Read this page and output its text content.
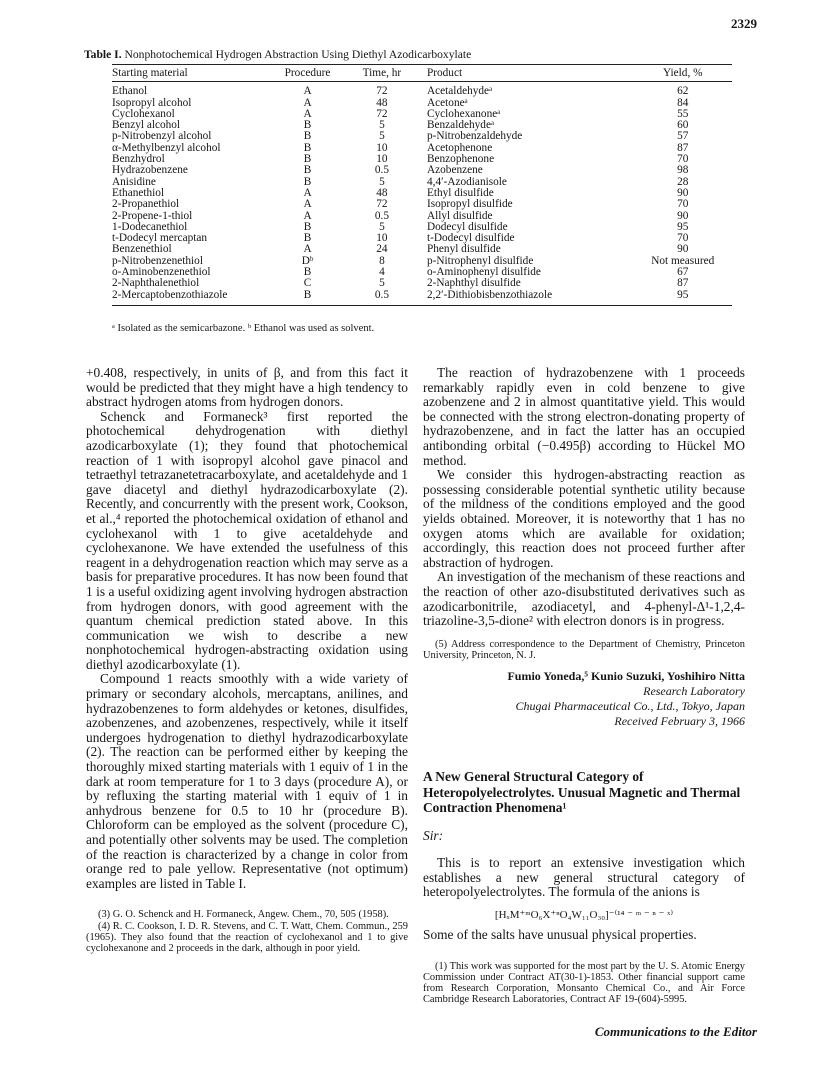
2329
Table I. Nonphotochemical Hydrogen Abstraction Using Diethyl Azodicarboxylate
Starting material	Procedure	Time, hr	Product	Yield, %
Ethanol	A	72	Acetaldehydeᵃ	62
Isopropyl alcohol	A	48	Acetoneᵃ	84
Cyclohexanol	A	72	Cyclohexanoneᵃ	55
Benzyl alcohol	B	5	Benzaldehydeᵃ	60
p-Nitrobenzyl alcohol	B	5	p-Nitrobenzaldehyde	57
α-Methylbenzyl alcohol	B	10	Acetophenone	87
Benzhydrol	B	10	Benzophenone	70
Hydrazobenzene	B	0.5	Azobenzene	98
Anisidine	B	5	4,4′-Azodianisole	28
Ethanethiol	A	48	Ethyl disulfide	90
2-Propanethiol	A	72	Isopropyl disulfide	70
2-Propene-1-thiol	A	0.5	Allyl disulfide	90
1-Dodecanethiol	B	5	Dodecyl disulfide	95
t-Dodecyl mercaptan	B	10	t-Dodecyl disulfide	70
Benzenethiol	A	24	Phenyl disulfide	90
p-Nitrobenzenethiol	Dᵇ	8	p-Nitrophenyl disulfide	Not measured
o-Aminobenzenethiol	B	4	o-Aminophenyl disulfide	67
2-Naphthalenethiol	C	5	2-Naphthyl disulfide	87
2-Mercaptobenzothiazole	B	0.5	2,2′-Dithiobisbenzothiazole	95
ᵃ Isolated as the semicarbazone. ᵇ Ethanol was used as solvent.

+0.408, respectively, in units of β, and from this fact it would be predicted that they might have a high tendency to abstract hydrogen atoms from hydrogen donors.

Schenck and Formaneck³ first reported the photochemical dehydrogenation with diethyl azodicarboxylate (1); they found that photochemical reaction of 1 with isopropyl alcohol gave pinacol and tetraethyl tetrazanetetracarboxylate, and acetaldehyde and 1 gave diacetyl and diethyl hydrazodicarboxylate (2). Recently, and concurrently with the present work, Cookson, et al.,⁴ reported the photochemical oxidation of ethanol and cyclohexanol with 1 to give acetaldehyde and cyclohexanone. We have extended the usefulness of this reagent in a dehydrogenation reaction which may serve as a basis for preparative procedures. It has now been found that 1 is a useful oxidizing agent involving hydrogen abstraction from hydrogen donors, with good agreement with the quantum chemical prediction stated above. In this communication we wish to describe a new nonphotochemical hydrogen-abstracting oxidation using diethyl azodicarboxylate (1).

Compound 1 reacts smoothly with a wide variety of primary or secondary alcohols, mercaptans, anilines, and hydrazobenzenes to form aldehydes or ketones, disulfides, azobenzenes, and azobenzenes, respectively, while it itself undergoes hydrogenation to diethyl hydrazodicarboxylate (2). The reaction can be performed either by keeping the thoroughly mixed starting materials with 1 equiv of 1 in the dark at room temperature for 1 to 3 days (procedure A), or by refluxing the starting material with 1 equiv of 1 in anhydrous benzene for 0.5 to 10 hr (procedure B). Chloroform can be employed as the solvent (procedure C), and potentially other solvents may be used. The completion of the reaction is characterized by a change in color from orange red to pale yellow. Representative (not optimum) examples are listed in Table I.

(3) G. O. Schenck and H. Formaneck, Angew. Chem., 70, 505 (1958).

(4) R. C. Cookson, I. D. R. Stevens, and C. T. Watt, Chem. Commun., 259 (1965). They also found that the reaction of cyclohexanol and 1 to give cyclohexanone and 2 proceeds in the dark, although in poor yield.

The reaction of hydrazobenzene with 1 proceeds remarkably rapidly even in cold benzene to give azobenzene and 2 in almost quantitative yield. This would be connected with the strong electron-donating property of hydrazobenzene, and in fact the latter has an occupied antibonding orbital (−0.495β) according to Hückel MO method.

We consider this hydrogen-abstracting reaction as possessing considerable potential synthetic utility because of the mildness of the conditions employed and the good yields obtained. Moreover, it is noteworthy that 1 has no oxygen atoms which are available for oxidation; accordingly, this reaction does not proceed further after abstraction of hydrogen.

An investigation of the mechanism of these reactions and the reaction of other azo-disubstituted derivatives such as azodicarbonitrile, azodiacetyl, and 4-phenyl-Δ¹-1,2,4-triazoline-3,5-dione² with electron donors is in progress.

(5) Address correspondence to the Department of Chemistry, Princeton University, Princeton, N. J.

Fumio Yoneda,⁵ Kunio Suzuki, Yoshihiro Nitta
Research Laboratory
Chugai Pharmaceutical Co., Ltd., Tokyo, Japan
Received February 3, 1966
A New General Structural Category of Heteropolyelectrolytes. Unusual Magnetic and Thermal Contraction Phenomena¹
Sir:

This is to report an extensive investigation which establishes a new general structural category of heteropolyelectrolytes. The formula of the anions is

[HₓM⁺ᵐO₆X⁺ⁿO₄W₁₁O₃₀]⁻⁽¹⁴ ⁻ ᵐ ⁻ ⁿ ⁻ ˣ⁾

Some of the salts have unusual physical properties.

(1) This work was supported for the most part by the U. S. Atomic Energy Commission under Contract AT(30-1)-1853. Other financial support came from Research Corporation, Monsanto Chemical Co., and Air Force Cambridge Research Laboratories, Contract AF 19-(604)-5995.

Communications to the Editor
